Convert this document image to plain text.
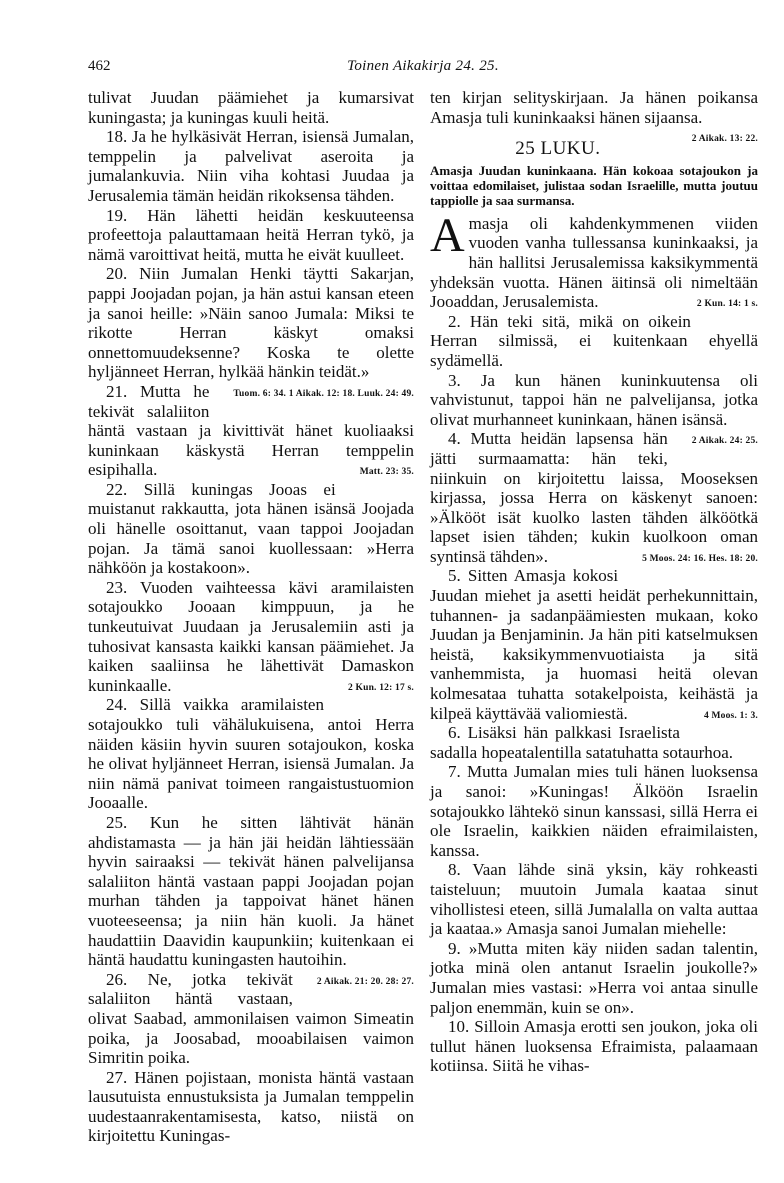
462	Toinen Aikakirja 24. 25.

tulivat Juudan päämiehet ja kumarsivat kuningasta; ja kuningas kuuli heitä.

18. Ja he hylkäsivät Herran, isiensä Jumalan, temppelin ja palvelivat aseroita ja jumalankuvia. Niin viha kohtasi Juudaa ja Jerusalemia tämän heidän rikoksensa tähden.

19. Hän lähetti heidän keskuuteensa profeettoja palauttamaan heitä Herran tykö, ja nämä varoittivat heitä, mutta he eivät kuulleet.

20. Niin Jumalan Henki täytti Sakarjan, pappi Joojadan pojan, ja hän astui kansan eteen ja sanoi heille: »Näin sanoo Jumala: Miksi te rikotte Herran käskyt omaksi onnettomuudeksenne? Koska te olette hyljänneet Herran, hylkää hänkin teidät.»
Tuom. 6: 34. 1 Aikak. 12: 18. Luuk. 24: 49.

21. Mutta he tekivät salaliiton häntä vastaan ja kivittivät hänet kuoliaaksi kuninkaan käskystä Herran temppelin esipihalla.	Matt. 23: 35.

22. Sillä kuningas Jooas ei muistanut rakkautta, jota hänen isänsä Joojada oli hänelle osoittanut, vaan tappoi Joojadan pojan. Ja tämä sanoi kuollessaan: »Herra nähköön ja kostakoon».

23. Vuoden vaihteessa kävi aramilaisten sotajoukko Jooaan kimppuun, ja he tunkeutuivat Juudaan ja Jerusalemiin asti ja tuhosivat kansasta kaikki kansan päämiehet. Ja kaiken saaliinsa he lähettivät Damaskon kuninkaalle.	2 Kun. 12: 17 s.

24. Sillä vaikka aramilaisten sotajoukko tuli vähälukuisena, antoi Herra näiden käsiin hyvin suuren sotajoukon, koska he olivat hyljänneet Herran, isiensä Jumalan. Ja niin nämä panivat toimeen rangaistustuomion Jooaalle.

25. Kun he sitten lähtivät hänän ahdistamasta — ja hän jäi heidän lähtiessään hyvin sairaaksi — tekivät hänen palvelijansa salaliiton häntä vastaan pappi Joojadan pojan murhan tähden ja tappoivat hänet hänen vuoteeseensa; ja niin hän kuoli. Ja hänet haudattiin Daavidin kaupunkiin; kuitenkaan ei häntä haudattu kuningasten hautoihin.
2 Aikak. 21: 20. 28: 27.

26. Ne, jotka tekivät salaliiton häntä vastaan, olivat Saabad, ammonilaisen vaimon Simeatin poika, ja Joosabad, mooabilaisen vaimon Simritin poika.

27. Hänen pojistaan, monista häntä vastaan lausutuista ennustuksista ja Jumalan temppelin uudestaanrakentamisesta, katso, niistä on kirjoitettu Kuningas-

ten kirjan selityskirjaan. Ja hänen poikansa Amasja tuli kuninkaaksi hänen sijaansa.
2 Aikak. 13: 22.

25 LUKU.
Amasja Juudan kuninkaana. Hän kokoaa sotajoukon ja voittaa edomilaiset, julistaa sodan Israelille, mutta joutuu tappiolle ja saa surmansa.

Amasja oli kahdenkymmenen viiden vuoden vanha tullessansa kuninkaaksi, ja hän hallitsi Jerusalemissa kaksikymmentä yhdeksän vuotta. Hänen äitinsä oli nimeltään Jooaddan, Jerusalemista.	2 Kun. 14: 1 s.

2. Hän teki sitä, mikä on oikein Herran silmissä, ei kuitenkaan ehyellä sydämellä.

3. Ja kun hänen kuninkuutensa oli vahvistunut, tappoi hän ne palvelijansa, jotka olivat murhanneet kuninkaan, hänen isänsä.
2 Aikak. 24: 25.

4. Mutta heidän lapsensa hän jätti surmaamatta: hän teki, niinkuin on kirjoitettu laissa, Mooseksen kirjassa, jossa Herra on käskenyt sanoen: »Älkööt isät kuolko lasten tähden älköötkä lapset isien tähden; kukin kuolkoon oman syntinsä tähden».	5 Moos. 24: 16. Hes. 18: 20.

5. Sitten Amasja kokosi Juudan miehet ja asetti heidät perhekunnittain, tuhannen- ja sadanpäämiesten mukaan, koko Juudan ja Benjaminin. Ja hän piti katselmuksen heistä, kaksikymmenvuotiaista ja sitä vanhemmista, ja huomasi heitä olevan kolmesataa tuhatta sotakelpoista, keihästä ja kilpeä käyttävää valiomiestä.	4 Moos. 1: 3.

6. Lisäksi hän palkkasi Israelista sadalla hopeatalentilla satatuhatta sotaurhoa.

7. Mutta Jumalan mies tuli hänen luoksensa ja sanoi: »Kuningas! Älköön Israelin sotajoukko lähtekö sinun kanssasi, sillä Herra ei ole Israelin, kaikkien näiden efraimilaisten, kanssa.

8. Vaan lähde sinä yksin, käy rohkeasti taisteluun; muutoin Jumala kaataa sinut vihollistesi eteen, sillä Jumalalla on valta auttaa ja kaataa.» Amasja sanoi Jumalan miehelle:

9. »Mutta miten käy niiden sadan talentin, jotka minä olen antanut Israelin joukolle?» Jumalan mies vastasi: »Herra voi antaa sinulle paljon enemmän, kuin se on».

10. Silloin Amasja erotti sen joukon, joka oli tullut hänen luoksensa Efraimista, palaamaan kotiinsa. Siitä he vihas-
